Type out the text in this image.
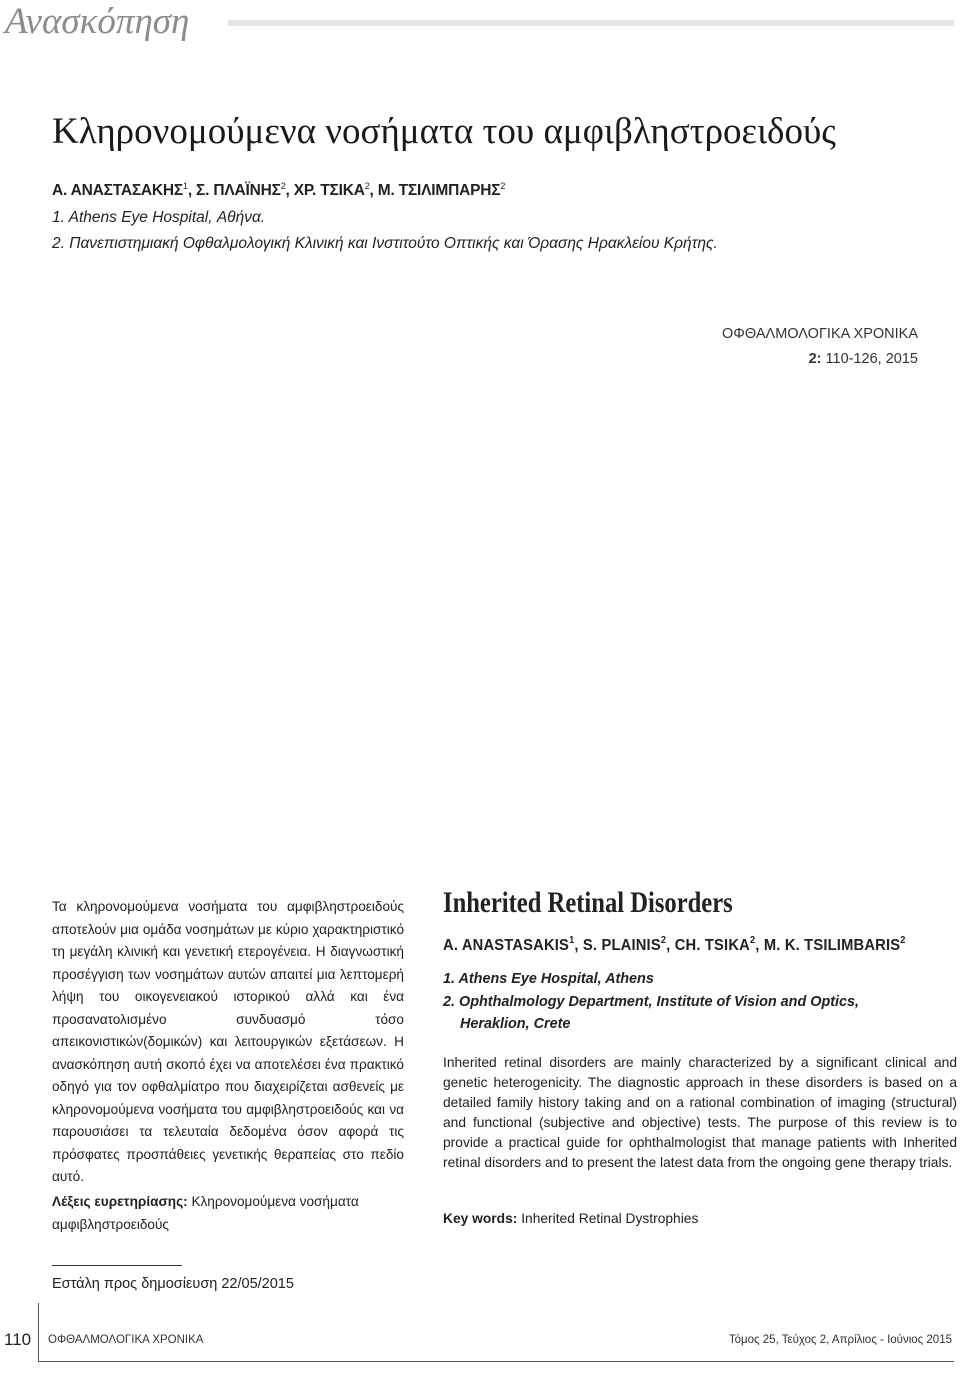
Ανασκόπηση
Κληρονομούμενα νοσήματα του αμφιβληστροειδούς
Α. ΑΝΑΣΤΑΣΑΚΗΣ$^1$, Σ. ΠΛΑΪΝΗΣ$^2$, ΧΡ. ΤΣΙΚΑ$^2$, Μ. ΤΣΙΛΙΜΠΑΡΗΣ$^2$
1. Athens Eye Hospital, Αθήνα.
2. Πανεπιστημιακή Οφθαλμολογική Κλινική και Ινστιτούτο Οπτικής και Όρασης Ηρακλείου Κρήτης.
ΟΦΘΑΛΜΟΛΟΓΙΚΑ ΧΡΟΝΙΚΑ
2: 110-126, 2015
Τα κληρονομούμενα νοσήματα του αμφιβληστροειδούς αποτελούν μια ομάδα νοσημάτων με κύριο χαρακτηριστικό τη μεγάλη κλινική και γενετική ετερογένεια. Η διαγνωστική προσέγγιση των νοσημάτων αυτών απαιτεί μια λεπτομερή λήψη του οικογενειακού ιστορικού αλλά και ένα προσανατολισμένο συνδυασμό τόσο απεικονιστικών(δομικών) και λειτουργικών εξετάσεων. Η ανασκόπηση αυτή σκοπό έχει να αποτελέσει ένα πρακτικό οδηγό για τον οφθαλμίατρο που διαχειρίζεται ασθενείς με κληρονομούμενα νοσήματα του αμφιβληστροειδούς και να παρουσιάσει τα τελευταία δεδομένα όσον αφορά τις πρόσφατες προσπάθειες γενετικής θεραπείας στο πεδίο αυτό.
Λέξεις ευρετηρίασης: Κληρονομούμενα νοσήματα αμφιβληστροειδούς
Inherited Retinal Disorders
A. ANASTASAKIS$^1$, S. PLAINIS$^2$, CH. TSIKA$^2$, M. K. TSILIMBARIS$^2$
1. Athens Eye Hospital, Athens
2. Ophthalmology Department, Institute of Vision and Optics,
Heraklion, Crete
Inherited retinal disorders are mainly characterized by a significant clinical and genetic heterogenicity. The diagnostic approach in these disorders is based on a detailed family history taking and on a rational combination of imaging (structural) and functional (subjective and objective) tests. The purpose of this review is to provide a practical guide for ophthalmologist that manage patients with Inherited retinal disorders and to present the latest data from the ongoing gene therapy trials.
Key words: Inherited Retinal Dystrophies
Εστάλη προς δημοσίευση 22/05/2015
110 ΟΦΘΑΛΜΟΛΟΓΙΚΑ ΧΡΟΝΙΚΑ	Τόμος 25, Τεύχος 2, Απρίλιος - Ιούνιος 2015
